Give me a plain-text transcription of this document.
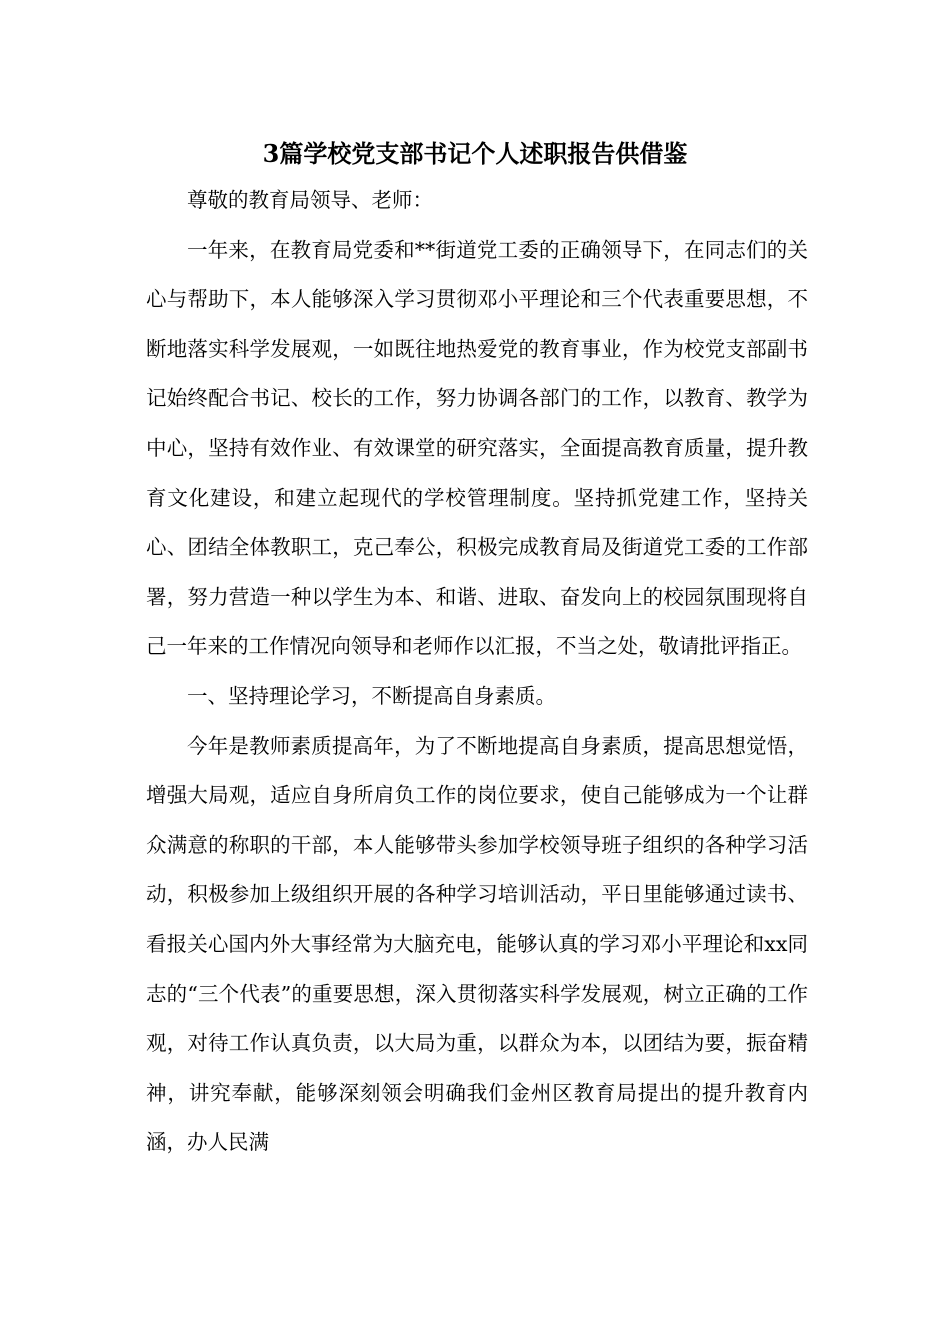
3篇学校党支部书记个人述职报告供借鉴

尊敬的教育局领导、老师：

一年来，在教育局党委和**街道党工委的正确领导下，在同志们的关心与帮助下，本人能够深入学习贯彻邓小平理论和三个代表重要思想，不断地落实科学发展观，一如既往地热爱党的教育事业，作为校党支部副书记始终配合书记、校长的工作，努力协调各部门的工作，以教育、教学为中心，坚持有效作业、有效课堂的研究落实，全面提高教育质量，提升教育文化建设，和建立起现代的学校管理制度。坚持抓党建工作，坚持关心、团结全体教职工，克己奉公，积极完成教育局及街道党工委的工作部署，努力营造一种以学生为本、和谐、进取、奋发向上的校园氛围现将自己一年来的工作情况向领导和老师作以汇报，不当之处，敬请批评指正。

一、坚持理论学习，不断提高自身素质。

今年是教师素质提高年，为了不断地提高自身素质，提高思想觉悟，增强大局观，适应自身所肩负工作的岗位要求，使自己能够成为一个让群众满意的称职的干部，本人能够带头参加学校领导班子组织的各种学习活动，积极参加上级组织开展的各种学习培训活动，平日里能够通过读书、看报关心国内外大事经常为大脑充电，能够认真的学习邓小平理论和xx同志的“三个代表”的重要思想，深入贯彻落实科学发展观，树立正确的工作观，对待工作认真负责，以大局为重，以群众为本，以团结为要，振奋精神，讲究奉献，能够深刻领会明确我们金州区教育局提出的提升教育内涵，办人民满
